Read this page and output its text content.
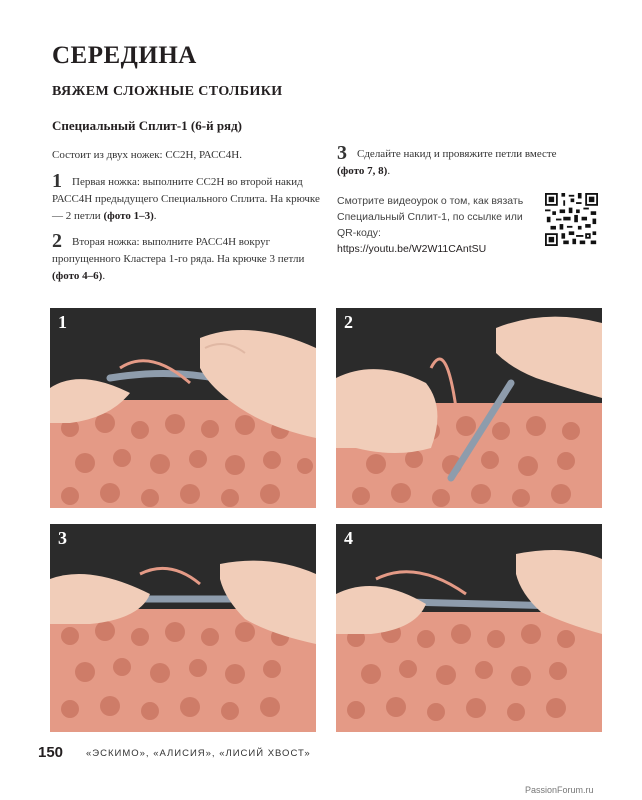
СЕРЕДИНА
ВЯЖЕМ СЛОЖНЫЕ СТОЛБИКИ
Специальный Сплит-1 (6-й ряд)
Состоит из двух ножек: СС2Н, РАСС4Н.
1 Первая ножка: выполните СС2Н во второй накид РАСС4Н предыдущего Специального Сплита. На крючке — 2 петли (фото 1–3).
2 Вторая ножка: выполните РАСС4Н вокруг пропущенного Кластера 1-го ряда. На крючке 3 петли (фото 4–6).
3 Сделайте накид и провяжите петли вместе (фото 7, 8).
Смотрите видеоурок о том, как вязать Специальный Сплит-1, по ссылке или QR-коду:
https://youtu.be/W2W11CAntSU
1	2
3	4
150 «ЭСКИМО», «АЛИСИЯ», «ЛИСИЙ ХВОСТ»
PassionForum.ru
